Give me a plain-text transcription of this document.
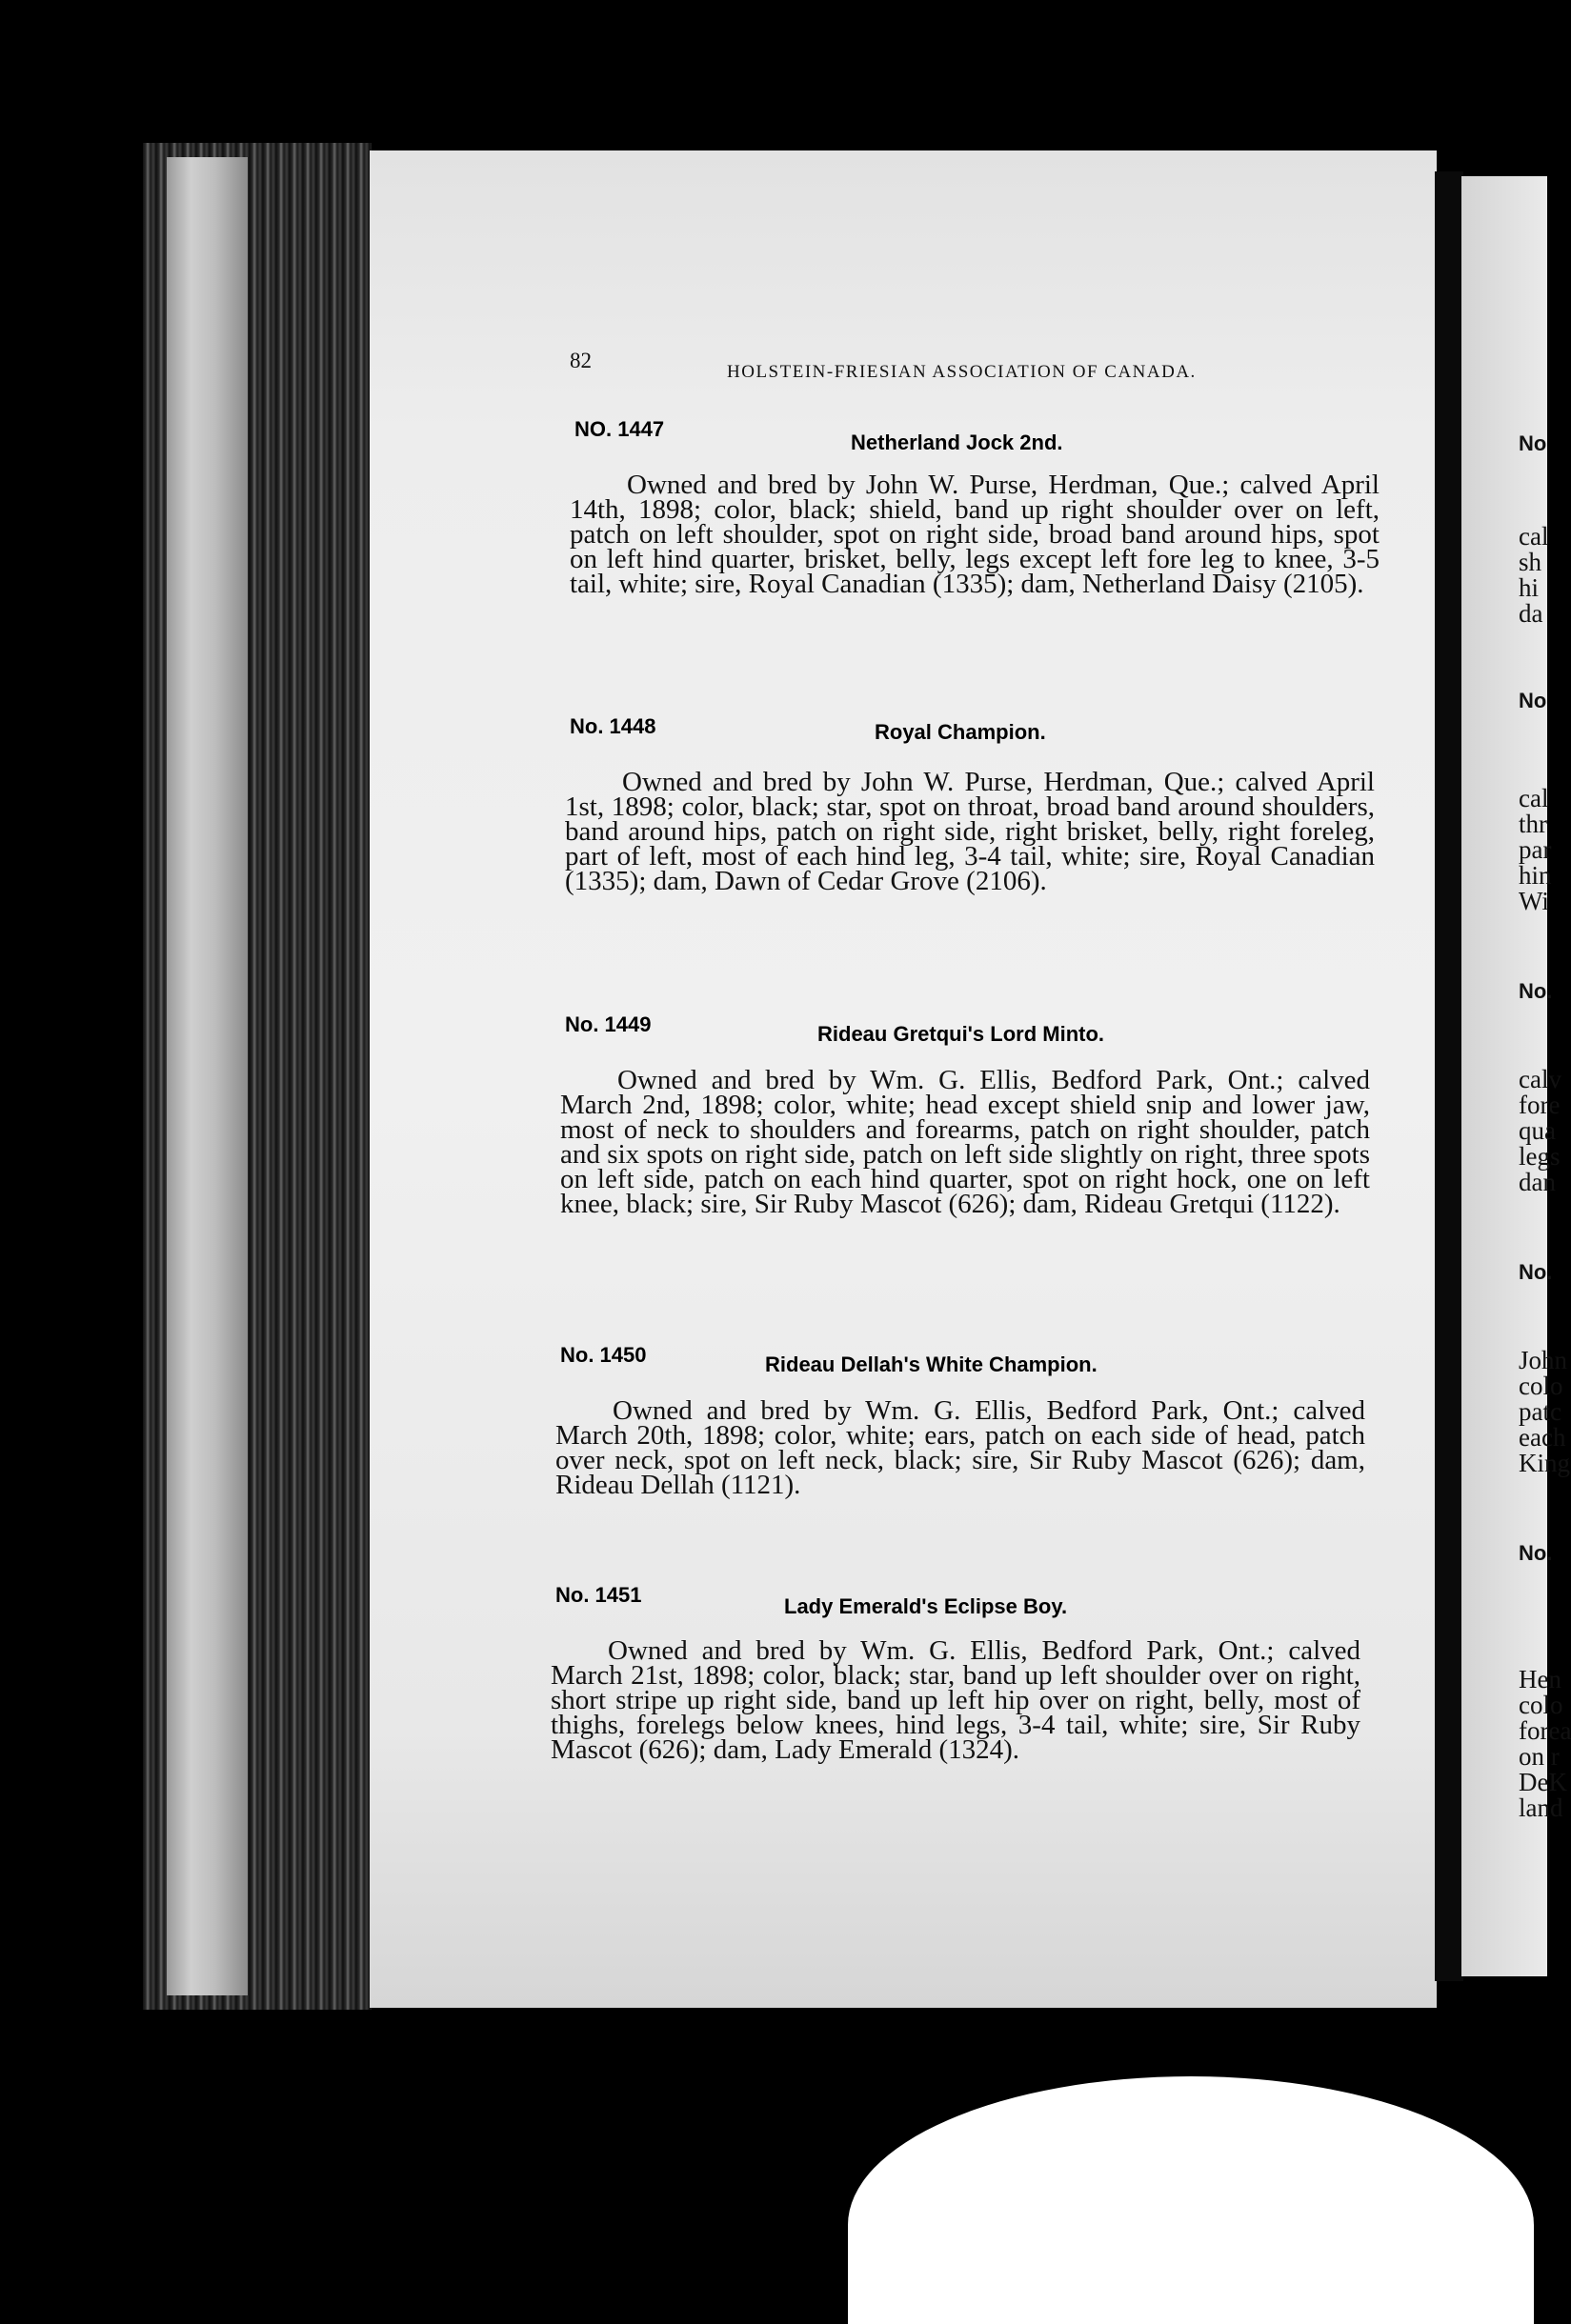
82	HOLSTEIN-FRIESIAN ASSOCIATION OF CANADA.
NO. 1447
Netherland Jock 2nd.

Owned and bred by John W. Purse, Herdman, Que.; calved April 14th, 1898; color, black; shield, band up right shoulder over on left, patch on left shoulder, spot on right side, broad band around hips, spot on left hind quarter, brisket, belly, legs except left fore leg to knee, 3-5 tail, white; sire, Royal Canadian (1335); dam, Netherland Daisy (2105).

No. 1448	Royal Champion.

Owned and bred by John W. Purse, Herdman, Que.; calved April 1st, 1898; color, black; star, spot on throat, broad band around shoulders, band around hips, patch on right side, right brisket, belly, right foreleg, part of left, most of each hind leg, 3-4 tail, white; sire, Royal Canadian (1335); dam, Dawn of Cedar Grove (2106).

No. 1449	Rideau Gretqui's Lord Minto.

Owned and bred by Wm. G. Ellis, Bedford Park, Ont.; calved March 2nd, 1898; color, white; head except shield snip and lower jaw, most of neck to shoulders and forearms, patch on right shoulder, patch and six spots on right side, patch on left side slightly on right, three spots on left side, patch on each hind quarter, spot on right hock, one on left knee, black; sire, Sir Ruby Mascot (626); dam, Rideau Gretqui (1122).

No. 1450	Rideau Dellah's White Champion.

Owned and bred by Wm. G. Ellis, Bedford Park, Ont.; calved March 20th, 1898; color, white; ears, patch on each side of head, patch over neck, spot on left neck, black; sire, Sir Ruby Mascot (626); dam, Rideau Dellah (1121).

No. 1451	Lady Emerald's Eclipse Boy.

Owned and bred by Wm. G. Ellis, Bedford Park, Ont.; calved March 21st, 1898; color, black; star, band up left shoulder over on right, short stripe up right side, band up left hip over on right, belly, most of thighs, forelegs below knees, hind legs, 3-4 tail, white; sire, Sir Ruby Mascot (626); dam, Lady Emerald (1324).

No
cal
sh
hi
da
No
cal
thr
par
hin
Wi
No.
calv
fore
qua
legs
dan
No.
John
colo
patc
each
King
No.
Hen
colo
forea
on r
DeK
land
